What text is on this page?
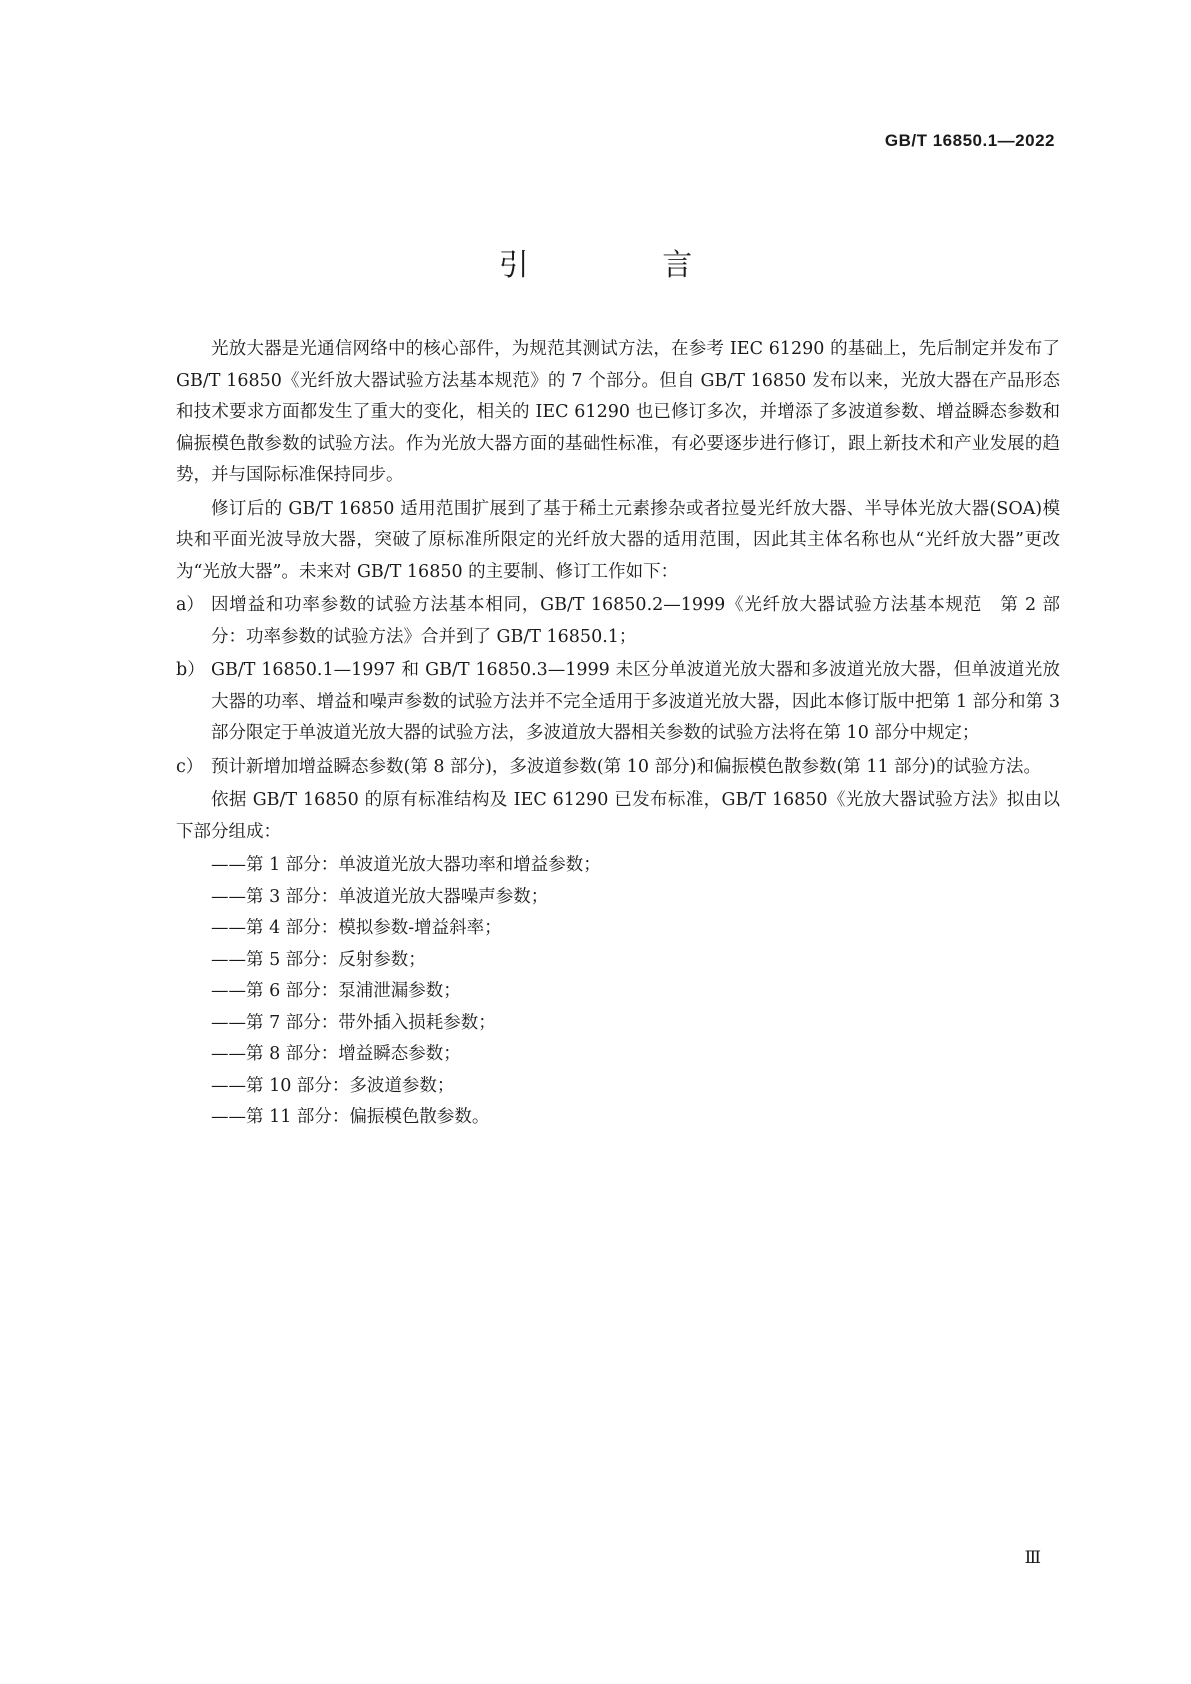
GB/T 16850.1—2022
引 言

光放大器是光通信网络中的核心部件，为规范其测试方法，在参考 IEC 61290 的基础上，先后制定并发布了 GB/T 16850《光纤放大器试验方法基本规范》的 7 个部分。但自 GB/T 16850 发布以来，光放大器在产品形态和技术要求方面都发生了重大的变化，相关的 IEC 61290 也已修订多次，并增添了多波道参数、增益瞬态参数和偏振模色散参数的试验方法。作为光放大器方面的基础性标准，有必要逐步进行修订，跟上新技术和产业发展的趋势，并与国际标准保持同步。

修订后的 GB/T 16850 适用范围扩展到了基于稀土元素掺杂或者拉曼光纤放大器、半导体光放大器(SOA)模块和平面光波导放大器，突破了原标准所限定的光纤放大器的适用范围，因此其主体名称也从“光纤放大器”更改为“光放大器”。未来对 GB/T 16850 的主要制、修订工作如下：

a） 因增益和功率参数的试验方法基本相同，GB/T 16850.2—1999《光纤放大器试验方法基本规范　第 2 部分：功率参数的试验方法》合并到了 GB/T 16850.1；
b） GB/T 16850.1—1997 和 GB/T 16850.3—1999 未区分单波道光放大器和多波道光放大器，但单波道光放大器的功率、增益和噪声参数的试验方法并不完全适用于多波道光放大器，因此本修订版中把第 1 部分和第 3 部分限定于单波道光放大器的试验方法，多波道放大器相关参数的试验方法将在第 10 部分中规定；
c） 预计新增加增益瞬态参数(第 8 部分)，多波道参数(第 10 部分)和偏振模色散参数(第 11 部分)的试验方法。

依据 GB/T 16850 的原有标准结构及 IEC 61290 已发布标准，GB/T 16850《光放大器试验方法》拟由以下部分组成：

——第 1 部分：单波道光放大器功率和增益参数；
——第 3 部分：单波道光放大器噪声参数；
——第 4 部分：模拟参数-增益斜率；
——第 5 部分：反射参数；
——第 6 部分：泵浦泄漏参数；
——第 7 部分：带外插入损耗参数；
——第 8 部分：增益瞬态参数；
——第 10 部分：多波道参数；
——第 11 部分：偏振模色散参数。
Ⅲ
